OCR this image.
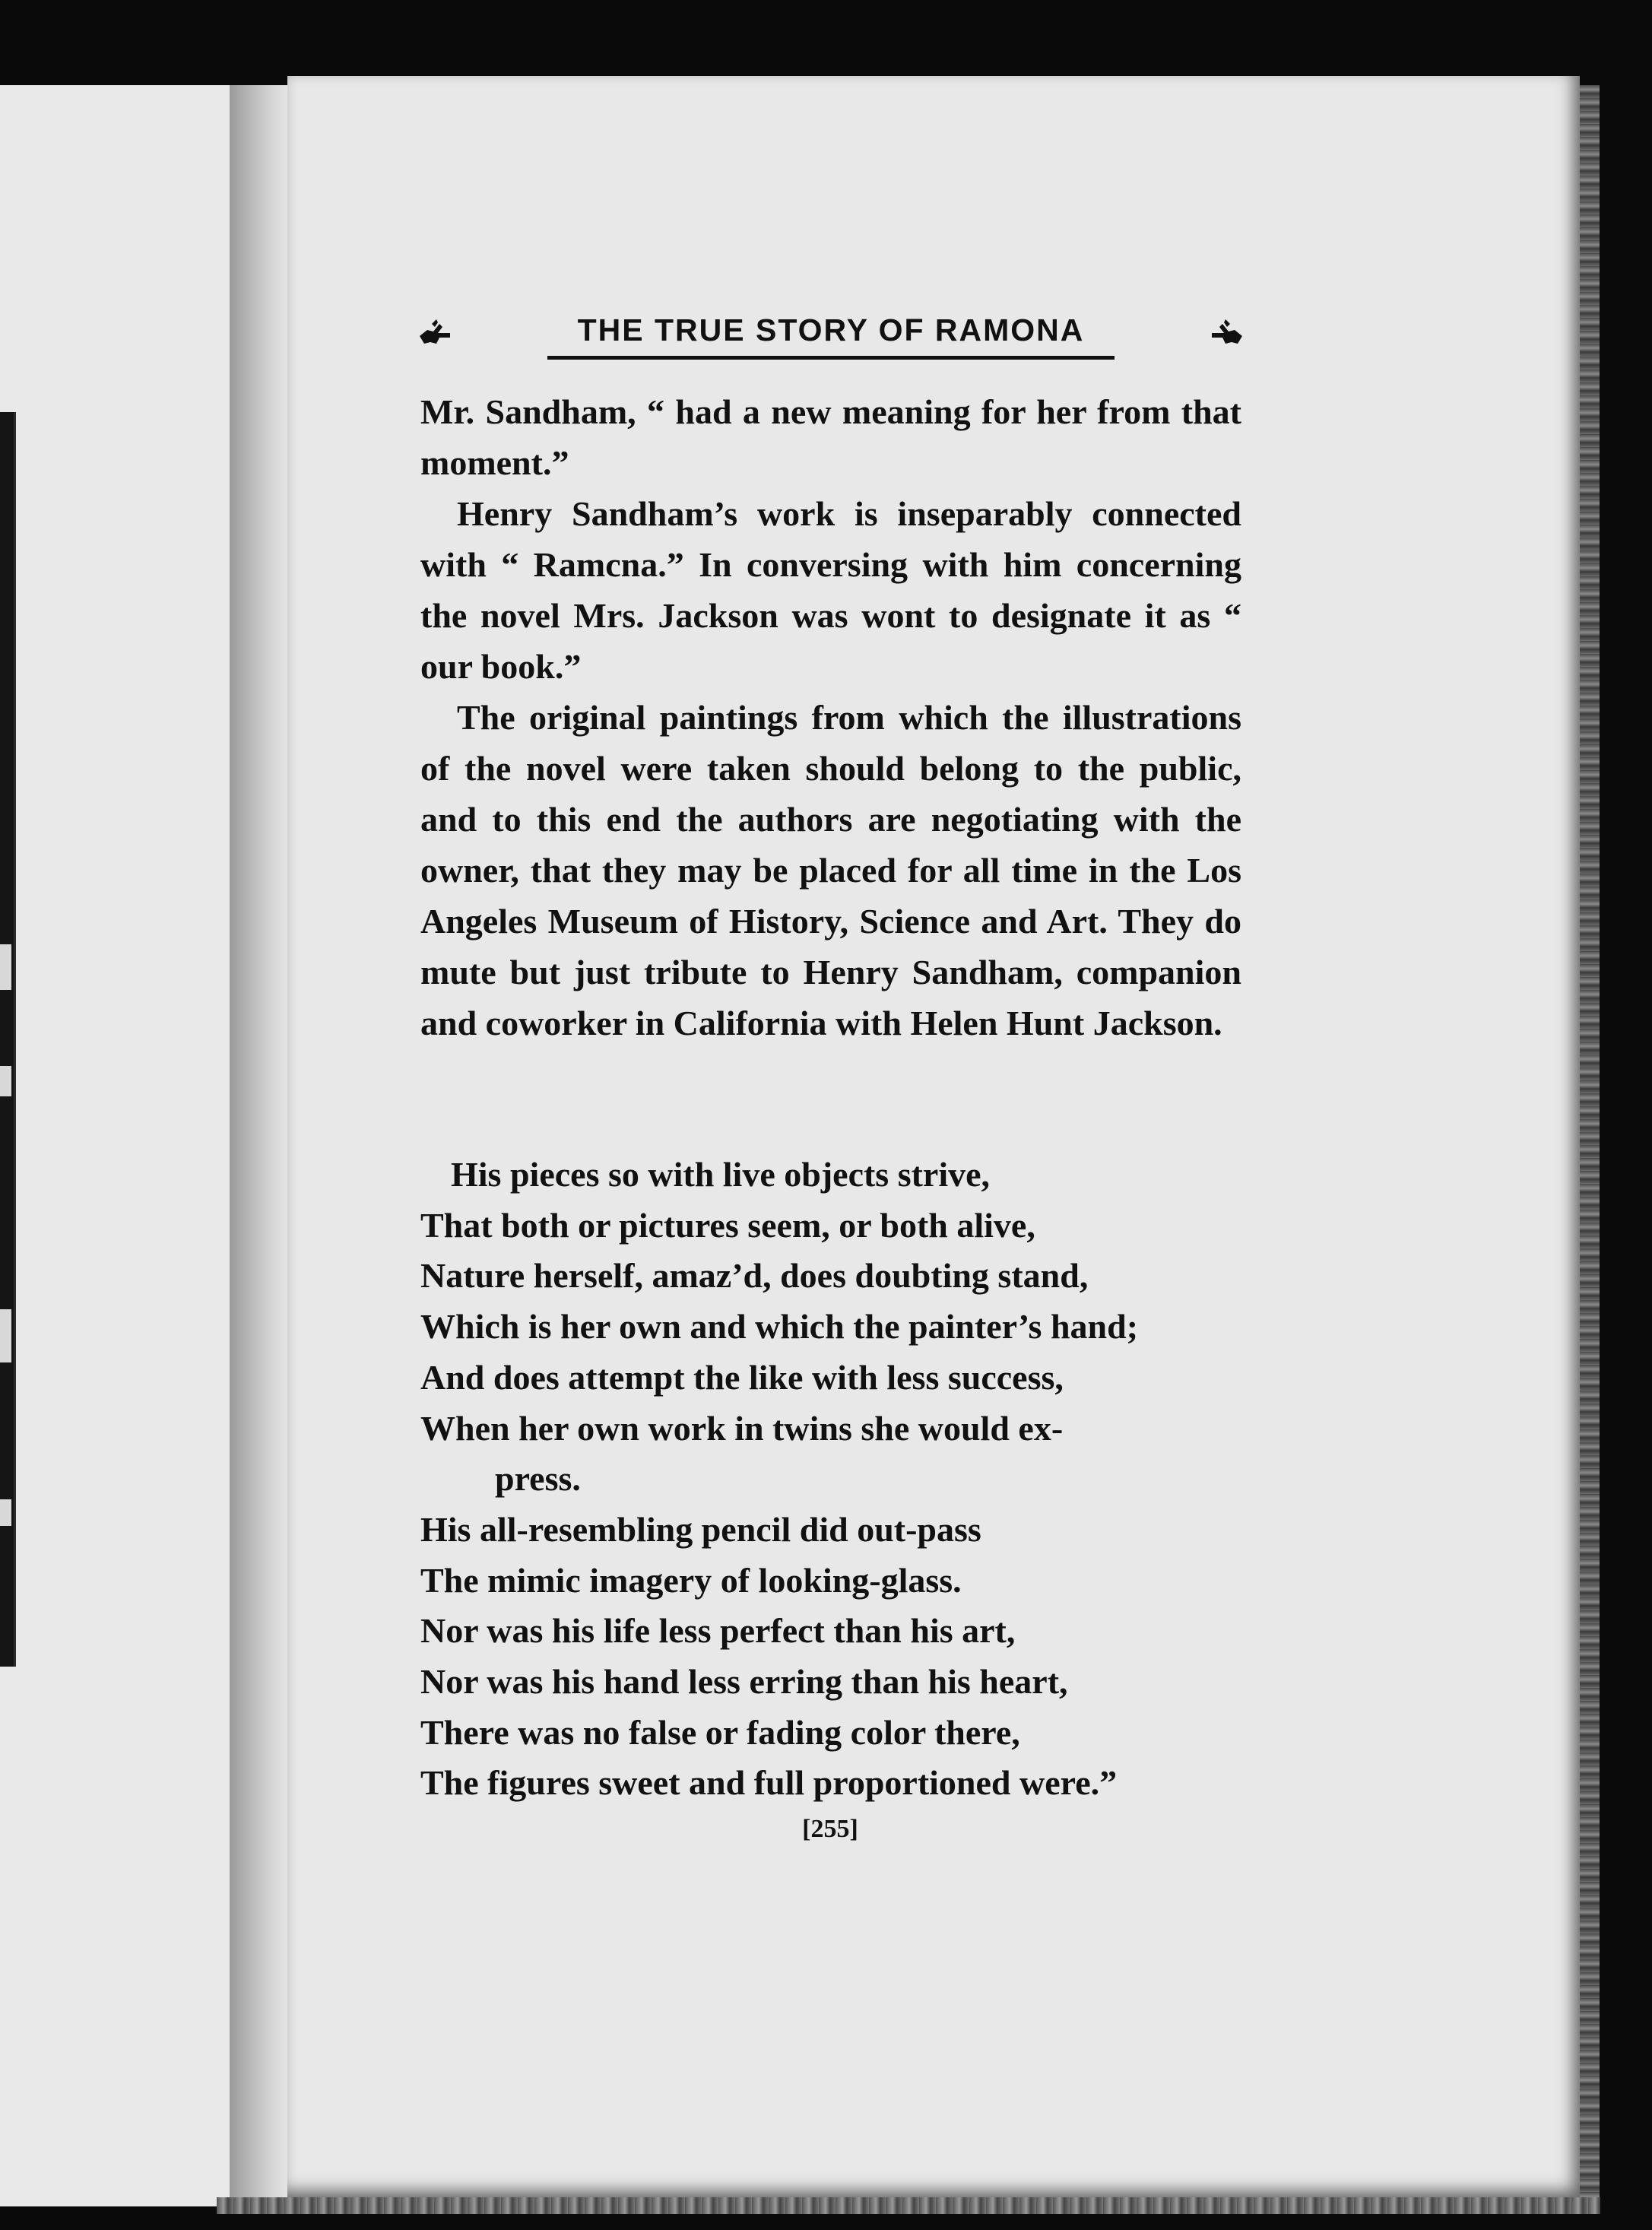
THE TRUE STORY OF RAMONA

Mr. Sandham, “ had a new meaning for her from that moment.”

Henry Sandham’s work is inseparably connected with “ Ramcna.” In conversing with him concerning the novel Mrs. Jackson was wont to designate it as “ our book.”

The original paintings from which the illustrations of the novel were taken should belong to the public, and to this end the authors are negotiating with the owner, that they may be placed for all time in the Los Angeles Museum of History, Science and Art. They do mute but just tribute to Henry Sandham, companion and coworker in California with Helen Hunt Jackson.

His pieces so with live objects strive,
That both or pictures seem, or both alive,
Nature herself, amaz’d, does doubting stand,
Which is her own and which the painter’s hand;
And does attempt the like with less success,
When her own work in twins she would ex-
press.
His all-resembling pencil did out-pass
The mimic imagery of looking-glass.
Nor was his life less perfect than his art,
Nor was his hand less erring than his heart,
There was no false or fading color there,
The figures sweet and full proportioned were.”
[255]
